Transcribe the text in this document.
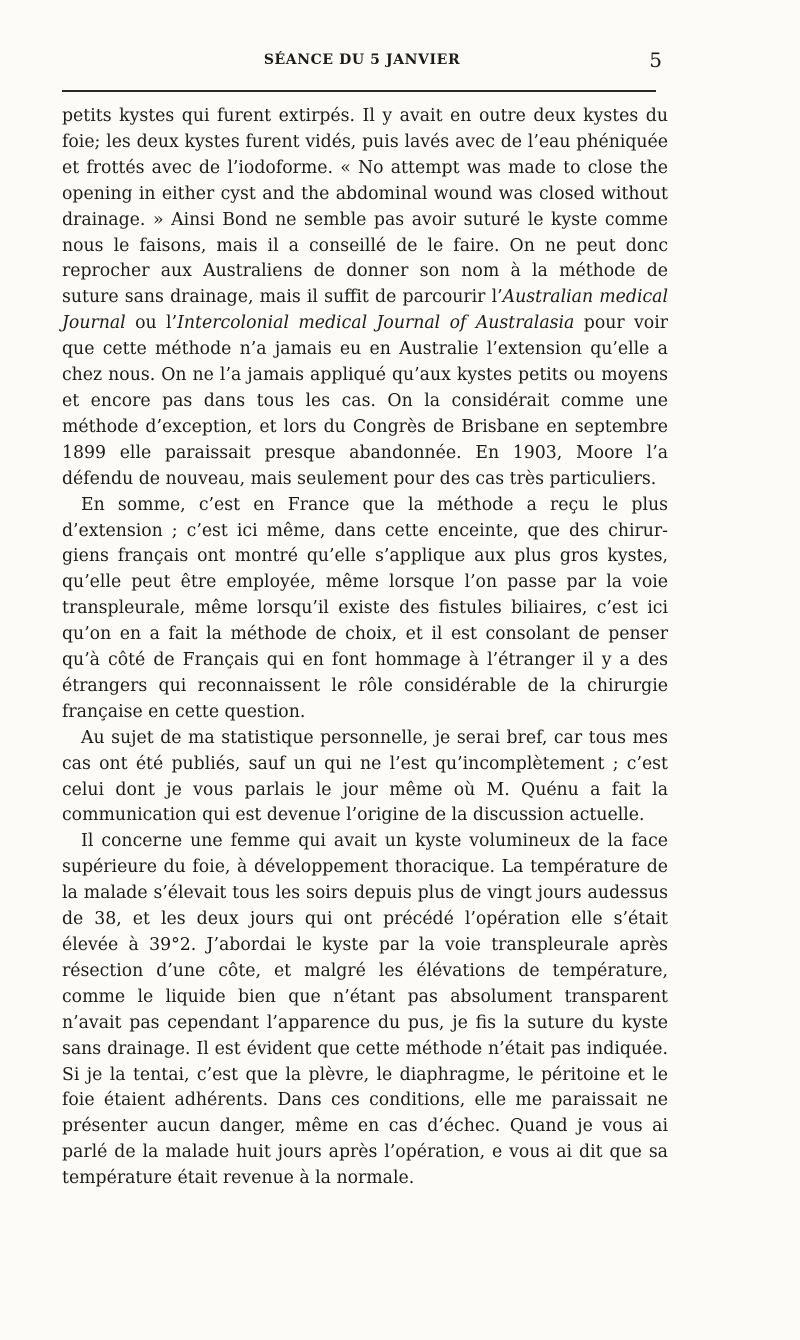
SÉANCE DU 5 JANVIER	5

petits kystes qui furent extirpés. Il y avait en outre deux kystes du foie; les deux kystes furent vidés, puis lavés avec de l’eau phéniquée et frottés avec de l’iodoforme. « No attempt was made to close the opening in either cyst and the abdominal wound was closed without drainage. » Ainsi Bond ne semble pas avoir suturé le kyste comme nous le faisons, mais il a conseillé de le faire. On ne peut donc reprocher aux Australiens de donner son nom à la méthode de suture sans drainage, mais il suffit de parcourir l’Australian medical Journal ou l’Intercolonial medical Journal of Australasia pour voir que cette méthode n’a jamais eu en Australie l’extension qu’elle a chez nous. On ne l’a jamais appliqué qu’aux kystes petits ou moyens et encore pas dans tous les cas. On la considérait comme une méthode d’exception, et lors du Congrès de Brisbane en septembre 1899 elle paraissait presque abandonnée. En 1903, Moore l’a défendu de nouveau, mais seulement pour des cas très particuliers.

En somme, c’est en France que la méthode a reçu le plus d’extension ; c’est ici même, dans cette enceinte, que des chirurgiens français ont montré qu’elle s’applique aux plus gros kystes, qu’elle peut être employée, même lorsque l’on passe par la voie transpleurale, même lorsqu’il existe des fistules biliaires, c’est ici qu’on en a fait la méthode de choix, et il est consolant de penser qu’à côté de Français qui en font hommage à l’étranger il y a des étrangers qui reconnaissent le rôle considérable de la chirurgie française en cette question.

Au sujet de ma statistique personnelle, je serai bref, car tous mes cas ont été publiés, sauf un qui ne l’est qu’incomplètement ; c’est celui dont je vous parlais le jour même où M. Quénu a fait la communication qui est devenue l’origine de la discussion actuelle.

Il concerne une femme qui avait un kyste volumineux de la face supérieure du foie, à développement thoracique. La température de la malade s’élevait tous les soirs depuis plus de vingt jours audessus de 38, et les deux jours qui ont précédé l’opération elle s’était élevée à 39°2. J’abordai le kyste par la voie transpleurale après résection d’une côte, et malgré les élévations de température, comme le liquide bien que n’étant pas absolument transparent n’avait pas cependant l’apparence du pus, je fis la suture du kyste sans drainage. Il est évident que cette méthode n’était pas indiquée. Si je la tentai, c’est que la plèvre, le diaphragme, le péritoine et le foie étaient adhérents. Dans ces conditions, elle me paraissait ne présenter aucun danger, même en cas d’échec. Quand je vous ai parlé de la malade huit jours après l’opération, e vous ai dit que sa température était revenue à la normale.
